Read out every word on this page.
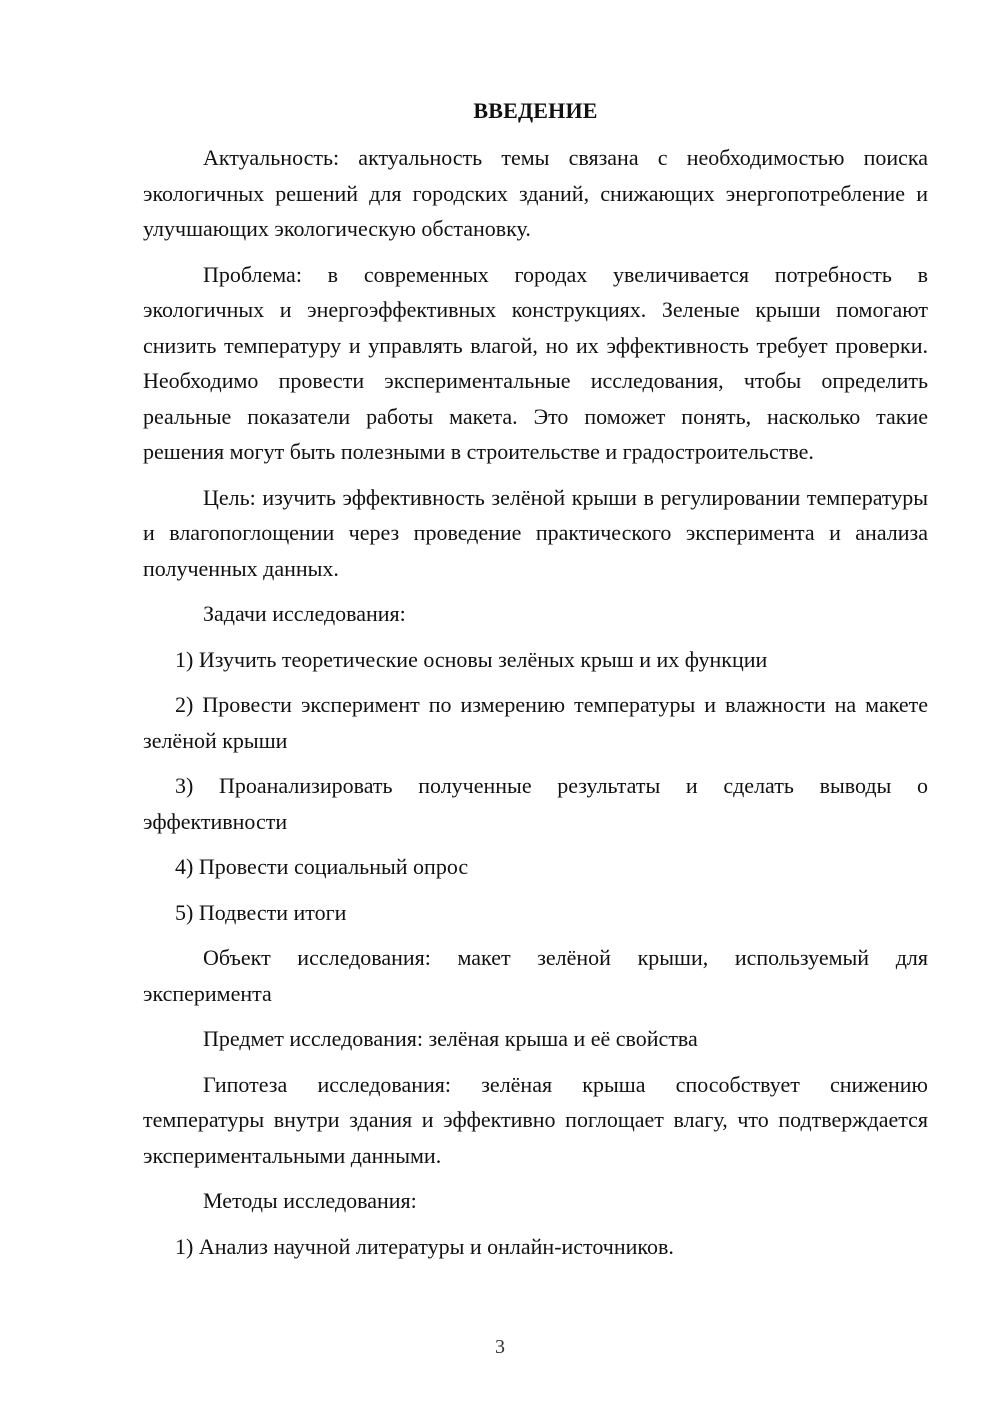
ВВЕДЕНИЕ

Актуальность: актуальность темы связана с необходимостью поиска экологичных решений для городских зданий, снижающих энергопотребление и улучшающих экологическую обстановку.

Проблема: в современных городах увеличивается потребность в экологичных и энергоэффективных конструкциях. Зеленые крыши помогают снизить температуру и управлять влагой, но их эффективность требует проверки. Необходимо провести экспериментальные исследования, чтобы определить реальные показатели работы макета. Это поможет понять, насколько такие решения могут быть полезными в строительстве и градостроительстве.

Цель: изучить эффективность зелёной крыши в регулировании температуры и влагопоглощении через проведение практического эксперимента и анализа полученных данных.

Задачи исследования:

1) Изучить теоретические основы зелёных крыш и их функции

2) Провести эксперимент по измерению температуры и влажности на макете зелёной крыши

3) Проанализировать полученные результаты и сделать выводы о эффективности

4) Провести социальный опрос

5) Подвести итоги

Объект исследования: макет зелёной крыши, используемый для эксперимента

Предмет исследования: зелёная крыша и её свойства

Гипотеза исследования: зелёная крыша способствует снижению температуры внутри здания и эффективно поглощает влагу, что подтверждается экспериментальными данными.

Методы исследования:

1) Анализ научной литературы и онлайн-источников.

3
